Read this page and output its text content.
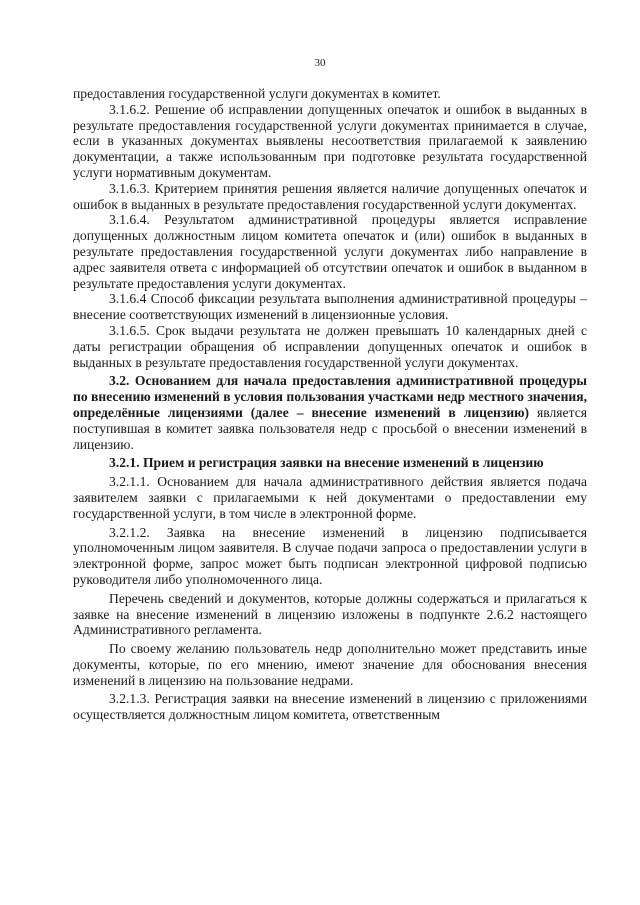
30

предоставления государственной услуги документах в комитет.

3.1.6.2. Решение об исправлении допущенных опечаток и ошибок в выданных в результате предоставления государственной услуги документах принимается в случае, если в указанных документах выявлены несоответствия прилагаемой к заявлению документации, а также использованным при подготовке результата государственной услуги нормативным документам.

3.1.6.3. Критерием принятия решения является наличие допущенных опечаток и ошибок в выданных в результате предоставления государственной услуги документах.

3.1.6.4. Результатом административной процедуры является исправление допущенных должностным лицом комитета опечаток и (или) ошибок в выданных в результате предоставления государственной услуги документах либо направление в адрес заявителя ответа с информацией об отсутствии опечаток и ошибок в выданном в результате предоставления услуги документах.

3.1.6.4 Способ фиксации результата выполнения административной процедуры –внесение соответствующих изменений в лицензионные условия.

3.1.6.5. Срок выдачи результата не должен превышать 10 календарных дней с даты регистрации обращения об исправлении допущенных опечаток и ошибок в выданных в результате предоставления государственной услуги документах.

3.2. Основанием для начала предоставления административной процедуры по внесению изменений в условия пользования участками недр местного значения, определённые лицензиями (далее – внесение изменений в лицензию) является поступившая в комитет заявка пользователя недр с просьбой о внесении изменений в лицензию.

3.2.1. Прием и регистрация заявки на внесение изменений в лицензию

3.2.1.1. Основанием для начала административного действия является подача заявителем заявки с прилагаемыми к ней документами о предоставлении ему государственной услуги, в том числе в электронной форме.

3.2.1.2. Заявка на внесение изменений в лицензию подписывается уполномоченным лицом заявителя. В случае подачи запроса о предоставлении услуги в электронной форме, запрос может быть подписан электронной цифровой подписью руководителя либо уполномоченного лица.

Перечень сведений и документов, которые должны содержаться и прилагаться к заявке на внесение изменений в лицензию изложены в подпункте 2.6.2 настоящего Административного регламента.

По своему желанию пользователь недр дополнительно может представить иные документы, которые, по его мнению, имеют значение для обоснования внесения изменений в лицензию на пользование недрами.

3.2.1.3. Регистрация заявки на внесение изменений в лицензию с приложениями осуществляется должностным лицом комитета, ответственным
